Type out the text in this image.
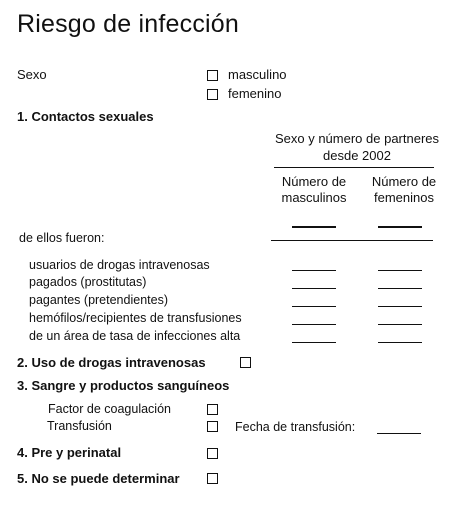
Riesgo de infección
Sexo	masculino
femenino
1. Contactos sexuales
Sexo y número de partneres
desde 2002
Número de
masculinos
Número de
femeninos
de ellos fueron:
usuarios de drogas intravenosas
pagados (prostitutas)
pagantes (pretendientes)
hemófilos/recipientes de transfusiones
de un área de tasa de infecciones alta
2. Uso de drogas intravenosas
3. Sangre y productos sanguíneos
Factor de coagulación
Transfusión	Fecha de transfusión:
4. Pre y perinatal
5. No se puede determinar
